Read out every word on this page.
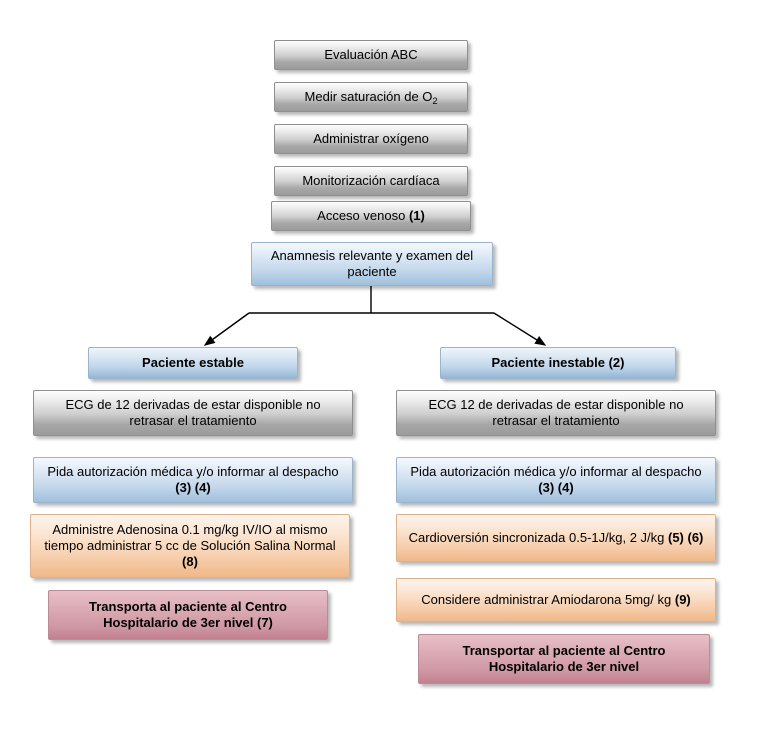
Evaluación ABC
Medir saturación de $O_2$
Administrar oxígeno
Monitorización cardíaca
Acceso venoso (1)
Anamnesis relevante y examen del paciente
Paciente estable
ECG de 12 derivadas de estar disponible no retrasar el tratamiento
Pida autorización médica y/o informar al despacho (3) (4)
Administre Adenosina 0.1 mg/kg IV/IO al mismo tiempo administrar 5 cc de Solución Salina Normal (8)
Transporta al paciente al Centro Hospitalario de 3er nivel (7)
Paciente inestable (2)
ECG 12 de derivadas de estar disponible no retrasar el tratamiento
Pida autorización médica y/o informar al despacho (3) (4)
Cardioversión sincronizada 0.5-1J/kg, 2 J/kg (5) (6)
Considere administrar Amiodarona 5mg/ kg (9)
Transportar al paciente al Centro Hospitalario de 3er nivel
